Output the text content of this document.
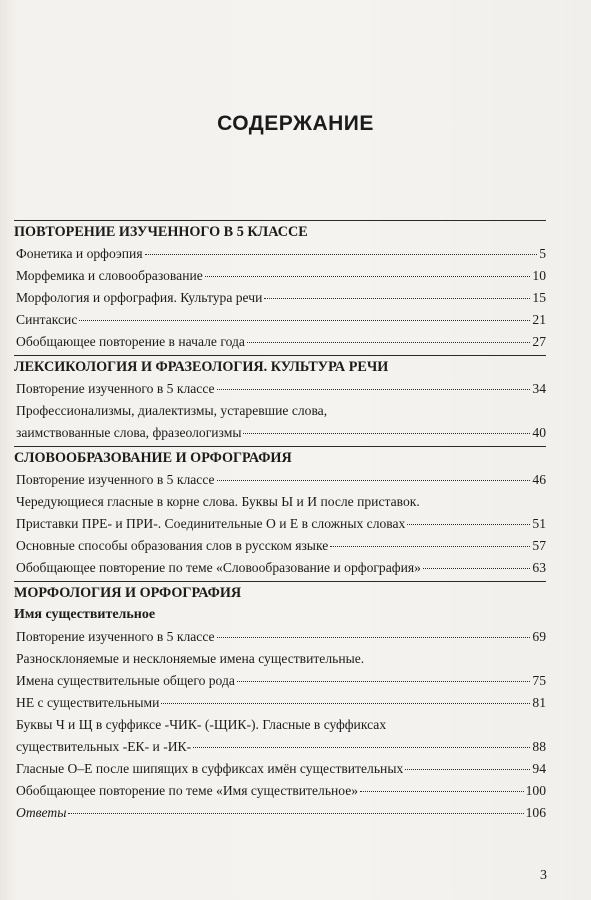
СОДЕРЖАНИЕ
ПОВТОРЕНИЕ ИЗУЧЕННОГО В 5 КЛАССЕ
Фонетика и орфоэпия	5
Морфемика и словообразование	10
Морфология и орфография. Культура речи	15
Синтаксис	21
Обобщающее повторение в начале года	27
ЛЕКСИКОЛОГИЯ И ФРАЗЕОЛОГИЯ. КУЛЬТУРА РЕЧИ
Повторение изученного в 5 классе	34
Профессионализмы, диалектизмы, устаревшие слова,
заимствованные слова, фразеологизмы	40
СЛОВООБРАЗОВАНИЕ И ОРФОГРАФИЯ
Повторение изученного в 5 классе	46
Чередующиеся гласные в корне слова. Буквы Ы и И после приставок.
Приставки ПРЕ- и ПРИ-. Соединительные О и Е в сложных словах	51
Основные способы образования слов в русском языке	57
Обобщающее повторение по теме «Словообразование и орфография»	63
МОРФОЛОГИЯ И ОРФОГРАФИЯ
Имя существительное
Повторение изученного в 5 классе	69
Разносклоняемые и несклоняемые имена существительные.
Имена существительные общего рода	75
НЕ с существительными	81
Буквы Ч и Щ в суффиксе -ЧИК- (-ЩИК-). Гласные в суффиксах
существительных -ЕК- и -ИК-	88
Гласные О–Е после шипящих в суффиксах имён существительных	94
Обобщающее повторение по теме «Имя существительное»	100
Ответы	106
3
